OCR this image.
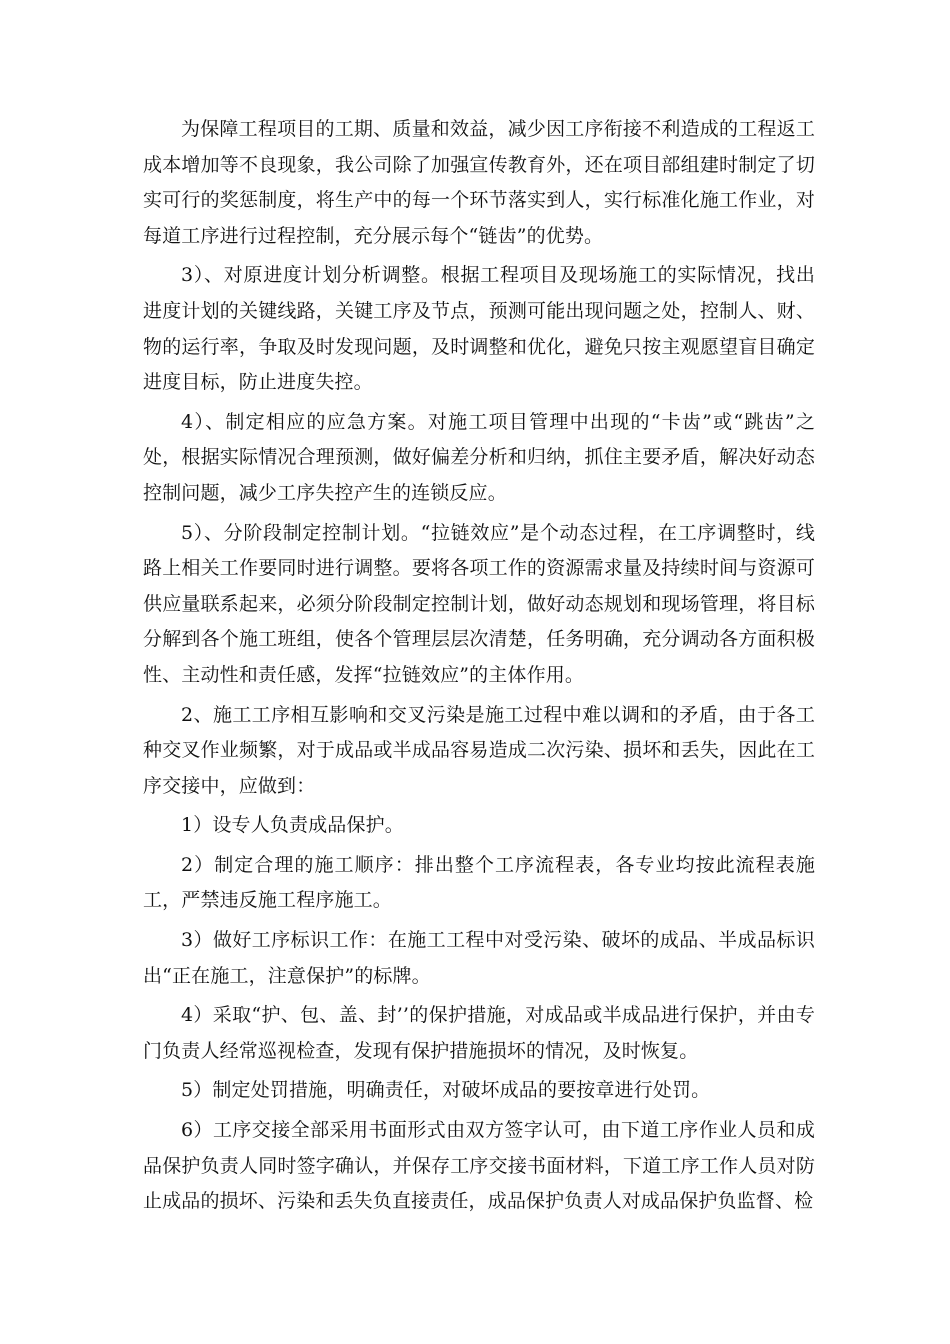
为保障工程项目的工期、质量和效益，减少因工序衔接不利造成的工程返工成本增加等不良现象，我公司除了加强宣传教育外，还在项目部组建时制定了切实可行的奖惩制度，将生产中的每一个环节落实到人，实行标准化施工作业，对每道工序进行过程控制，充分展示每个“链齿”的优势。

3）、对原进度计划分析调整。根据工程项目及现场施工的实际情况，找出进度计划的关键线路，关键工序及节点，预测可能出现问题之处，控制人、财、物的运行率，争取及时发现问题，及时调整和优化，避免只按主观愿望盲目确定进度目标，防止进度失控。

4）、制定相应的应急方案。对施工项目管理中出现的“卡齿”或“跳齿”之处，根据实际情况合理预测，做好偏差分析和归纳，抓住主要矛盾，解决好动态控制问题，减少工序失控产生的连锁反应。

5）、分阶段制定控制计划。“拉链效应”是个动态过程，在工序调整时，线路上相关工作要同时进行调整。要将各项工作的资源需求量及持续时间与资源可供应量联系起来，必须分阶段制定控制计划，做好动态规划和现场管理，将目标分解到各个施工班组，使各个管理层层次清楚，任务明确，充分调动各方面积极性、主动性和责任感，发挥“拉链效应”的主体作用。

2、施工工序相互影响和交叉污染是施工过程中难以调和的矛盾，由于各工种交叉作业频繁，对于成品或半成品容易造成二次污染、损坏和丢失，因此在工序交接中，应做到：

1）设专人负责成品保护。

2）制定合理的施工顺序：排出整个工序流程表，各专业均按此流程表施工，严禁违反施工程序施工。

3）做好工序标识工作：在施工工程中对受污染、破坏的成品、半成品标识出“正在施工，注意保护”的标牌。

4）采取“护、包、盖、封’’的保护措施，对成品或半成品进行保护，并由专门负责人经常巡视检查，发现有保护措施损坏的情况，及时恢复。

5）制定处罚措施，明确责任，对破坏成品的要按章进行处罚。

6）工序交接全部采用书面形式由双方签字认可，由下道工序作业人员和成品保护负责人同时签字确认，并保存工序交接书面材料，下道工序工作人员对防止成品的损坏、污染和丢失负直接责任，成品保护负责人对成品保护负监督、检
